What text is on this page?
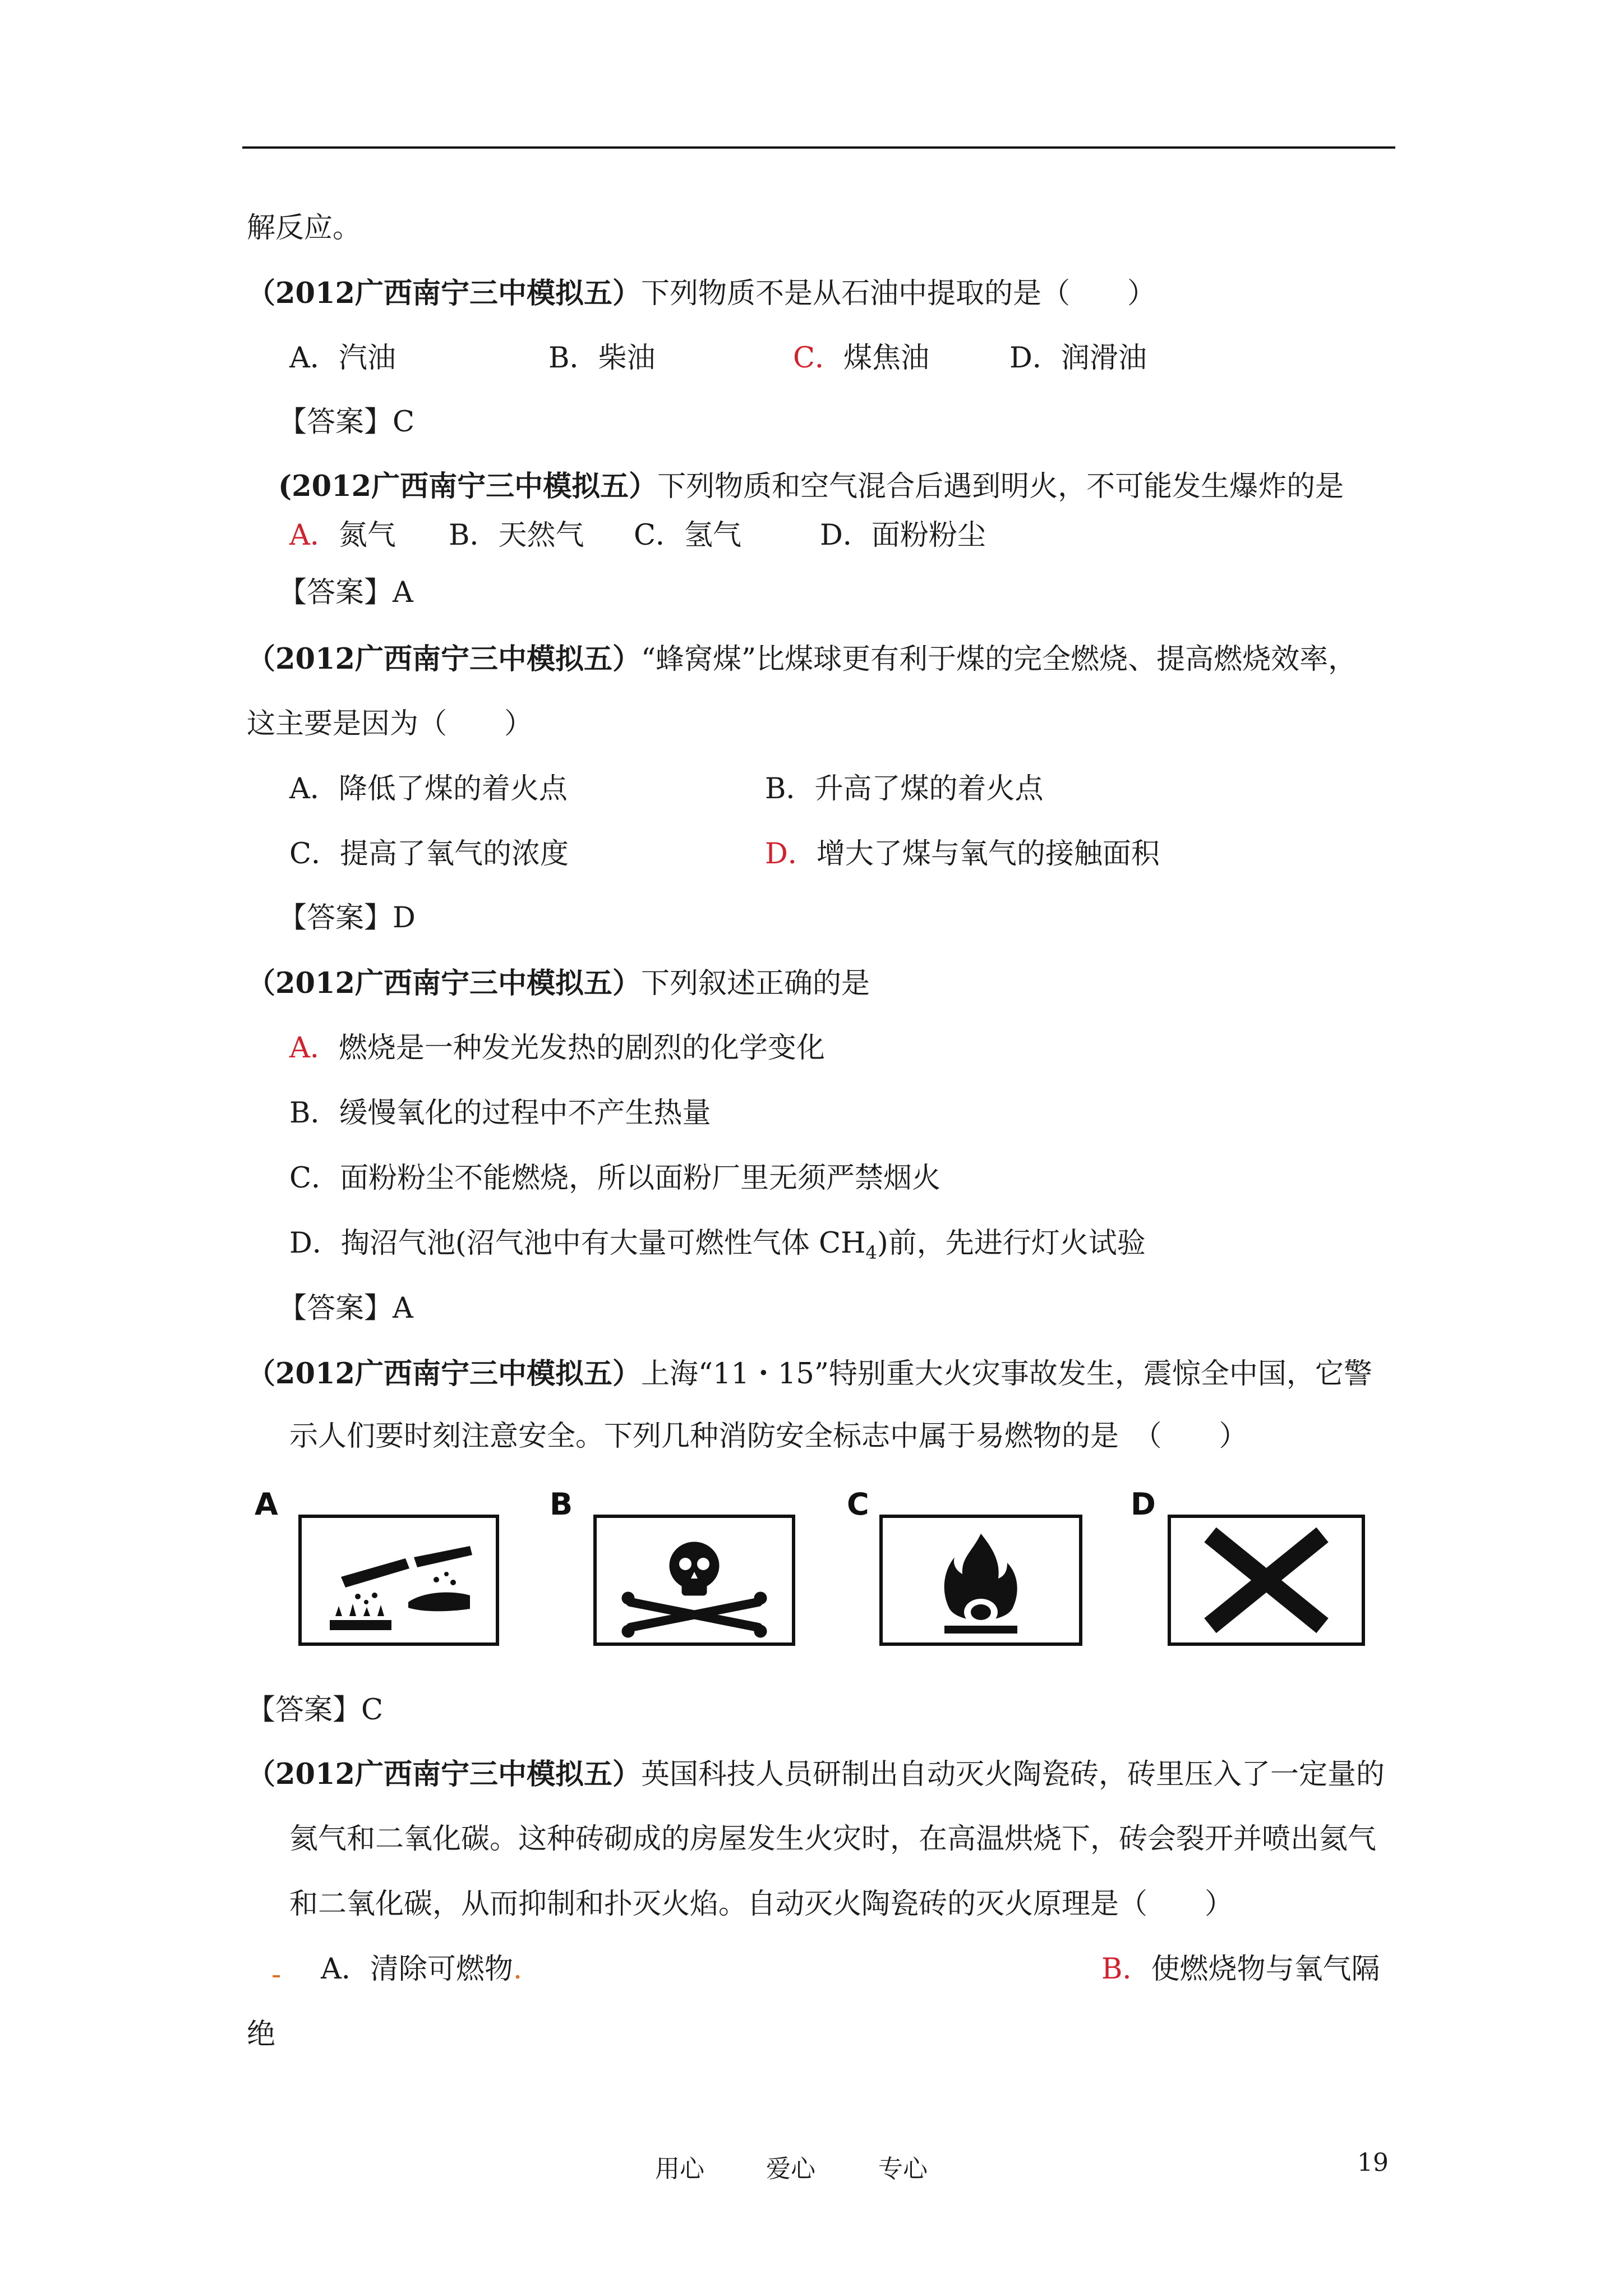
解反应。
（2012广西南宁三中模拟五）下列物质不是从石油中提取的是（　　）
A．汽油	B．柴油	C．煤焦油	D．润滑油
【答案】C
(2012广西南宁三中模拟五）下列物质和空气混合后遇到明火，不可能发生爆炸的是
A．氮气 B．天然气 C．氢气	D．面粉粉尘
【答案】A
（2012广西南宁三中模拟五）“蜂窝煤”比煤球更有利于煤的完全燃烧、提高燃烧效率，
这主要是因为（　　）
A．降低了煤的着火点	B．升高了煤的着火点
C．提高了氧气的浓度	D．增大了煤与氧气的接触面积
【答案】D
（2012广西南宁三中模拟五）下列叙述正确的是
A．燃烧是一种发光发热的剧烈的化学变化
B．缓慢氧化的过程中不产生热量
C．面粉粉尘不能燃烧，所以面粉厂里无须严禁烟火
D．掏沼气池(沼气池中有大量可燃性气体 $CH_4$)前，先进行灯火试验
【答案】A
（2012广西南宁三中模拟五）上海“11・15”特别重大火灾事故发生，震惊全中国，它警
示人们要时刻注意安全。下列几种消防安全标志中属于易燃物的是　（　　）
A	B	C	D
【答案】C
（2012广西南宁三中模拟五）英国科技人员研制出自动灭火陶瓷砖，砖里压入了一定量的
氦气和二氧化碳。这种砖砌成的房屋发生火灾时，在高温烘烧下，砖会裂开并喷出氦气
和二氧化碳，从而抑制和扑灭火焰。自动灭火陶瓷砖的灭火原理是（　　）
- A．清除可燃物.	B．使燃烧物与氧气隔
绝
用心	爱心	专心	19
